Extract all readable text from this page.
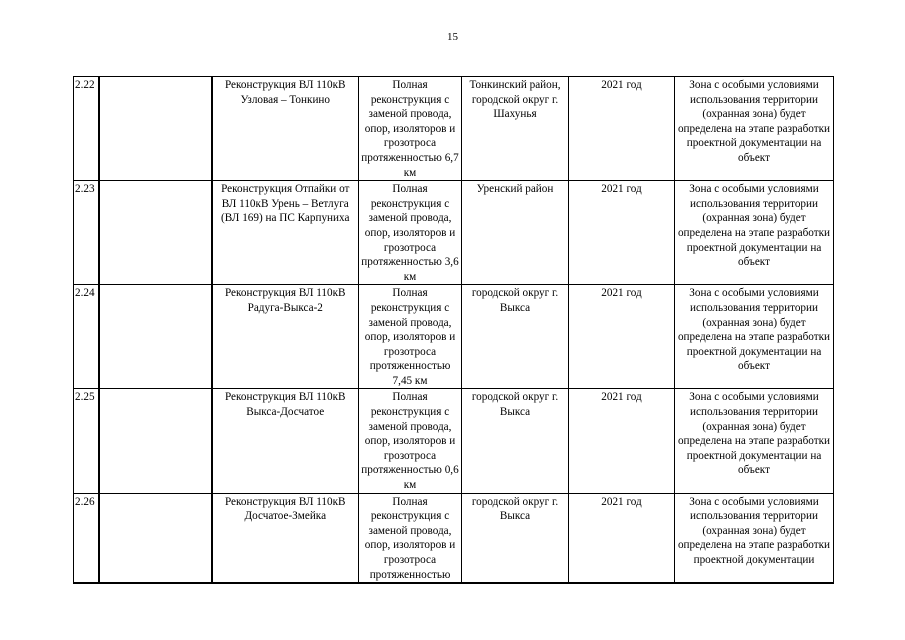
15
2.22		Реконструкция ВЛ 110кВ Узловая – Тонкино	Полная реконструкция с заменой провода, опор, изоляторов и грозотроса протяженностью 6,7 км	Тонкинский район, городской округ г. Шахунья	2021 год	Зона с особыми условиями использования территории (охранная зона) будет определена на этапе разработки проектной документации на объект
2.23		Реконструкция Отпайки от ВЛ 110кВ Урень – Ветлуга (ВЛ 169) на ПС Карпуниха	Полная реконструкция с заменой провода, опор, изоляторов и грозотроса протяженностью 3,6 км	Уренский район	2021 год	Зона с особыми условиями использования территории (охранная зона) будет определена на этапе разработки проектной документации на объект
2.24		Реконструкция ВЛ 110кВ Радуга-Выкса-2	Полная реконструкция с заменой провода, опор, изоляторов и грозотроса протяженностью 7,45 км	городской округ г. Выкса	2021 год	Зона с особыми условиями использования территории (охранная зона) будет определена на этапе разработки проектной документации на объект
2.25		Реконструкция ВЛ 110кВ Выкса-Досчатое	Полная реконструкция с заменой провода, опор, изоляторов и грозотроса протяженностью 0,6 км	городской округ г. Выкса	2021 год	Зона с особыми условиями использования территории (охранная зона) будет определена на этапе разработки проектной документации на объект
2.26		Реконструкция ВЛ 110кВ Досчатое-Змейка	Полная реконструкция с заменой провода, опор, изоляторов и грозотроса протяженностью	городской округ г. Выкса	2021 год	Зона с особыми условиями использования территории (охранная зона) будет определена на этапе разработки проектной документации
